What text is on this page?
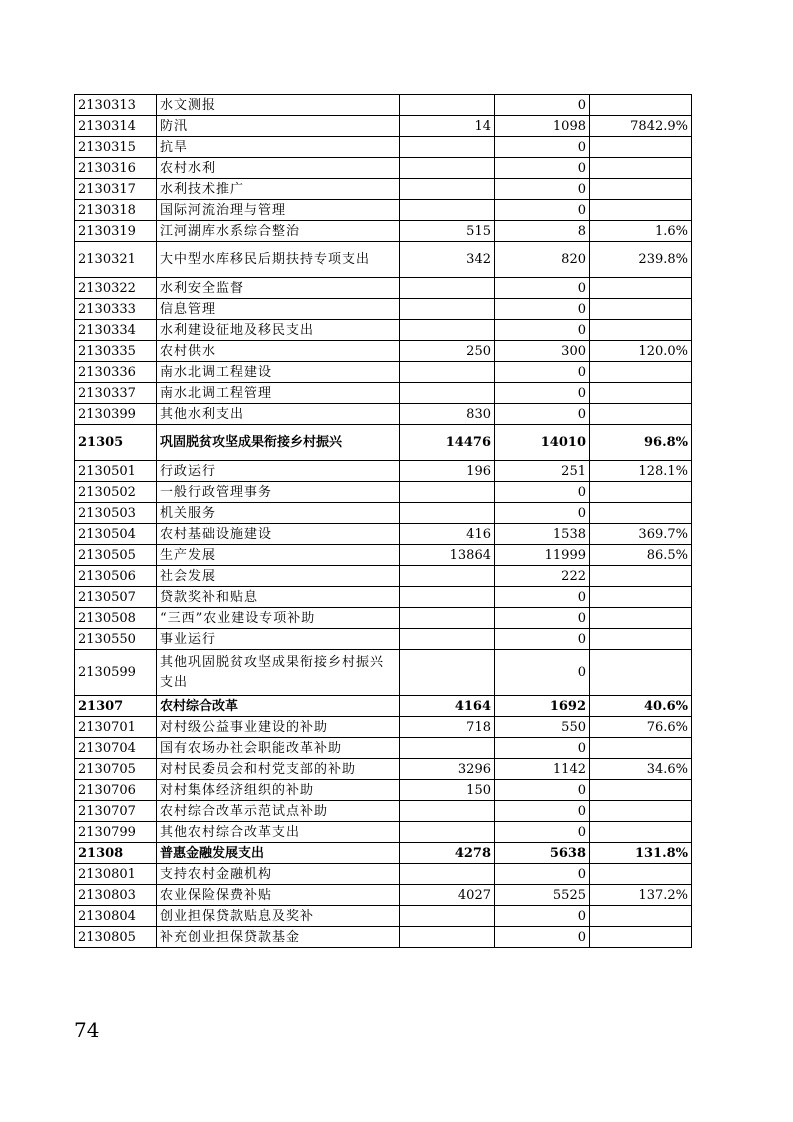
2130313	水文测报		0	
2130314	防汛	14	1098	7842.9%
2130315	抗旱		0	
2130316	农村水利		0	
2130317	水利技术推广		0	
2130318	国际河流治理与管理		0	
2130319	江河湖库水系综合整治	515	8	1.6%
2130321	大中型水库移民后期扶持专项支出	342	820	239.8%
2130322	水利安全监督		0	
2130333	信息管理		0	
2130334	水利建设征地及移民支出		0	
2130335	农村供水	250	300	120.0%
2130336	南水北调工程建设		0	
2130337	南水北调工程管理		0	
2130399	其他水利支出	830	0	
21305	巩固脱贫攻坚成果衔接乡村振兴	14476	14010	96.8%
2130501	行政运行	196	251	128.1%
2130502	一般行政管理事务		0	
2130503	机关服务		0	
2130504	农村基础设施建设	416	1538	369.7%
2130505	生产发展	13864	11999	86.5%
2130506	社会发展		222	
2130507	贷款奖补和贴息		0	
2130508	“三西”农业建设专项补助		0	
2130550	事业运行		0	
2130599	其他巩固脱贫攻坚成果衔接乡村振兴支出		0	
21307	农村综合改革	4164	1692	40.6%
2130701	对村级公益事业建设的补助	718	550	76.6%
2130704	国有农场办社会职能改革补助		0	
2130705	对村民委员会和村党支部的补助	3296	1142	34.6%
2130706	对村集体经济组织的补助	150	0	
2130707	农村综合改革示范试点补助		0	
2130799	其他农村综合改革支出		0	
21308	普惠金融发展支出	4278	5638	131.8%
2130801	支持农村金融机构		0	
2130803	农业保险保费补贴	4027	5525	137.2%
2130804	创业担保贷款贴息及奖补		0	
2130805	补充创业担保贷款基金		0	
74
